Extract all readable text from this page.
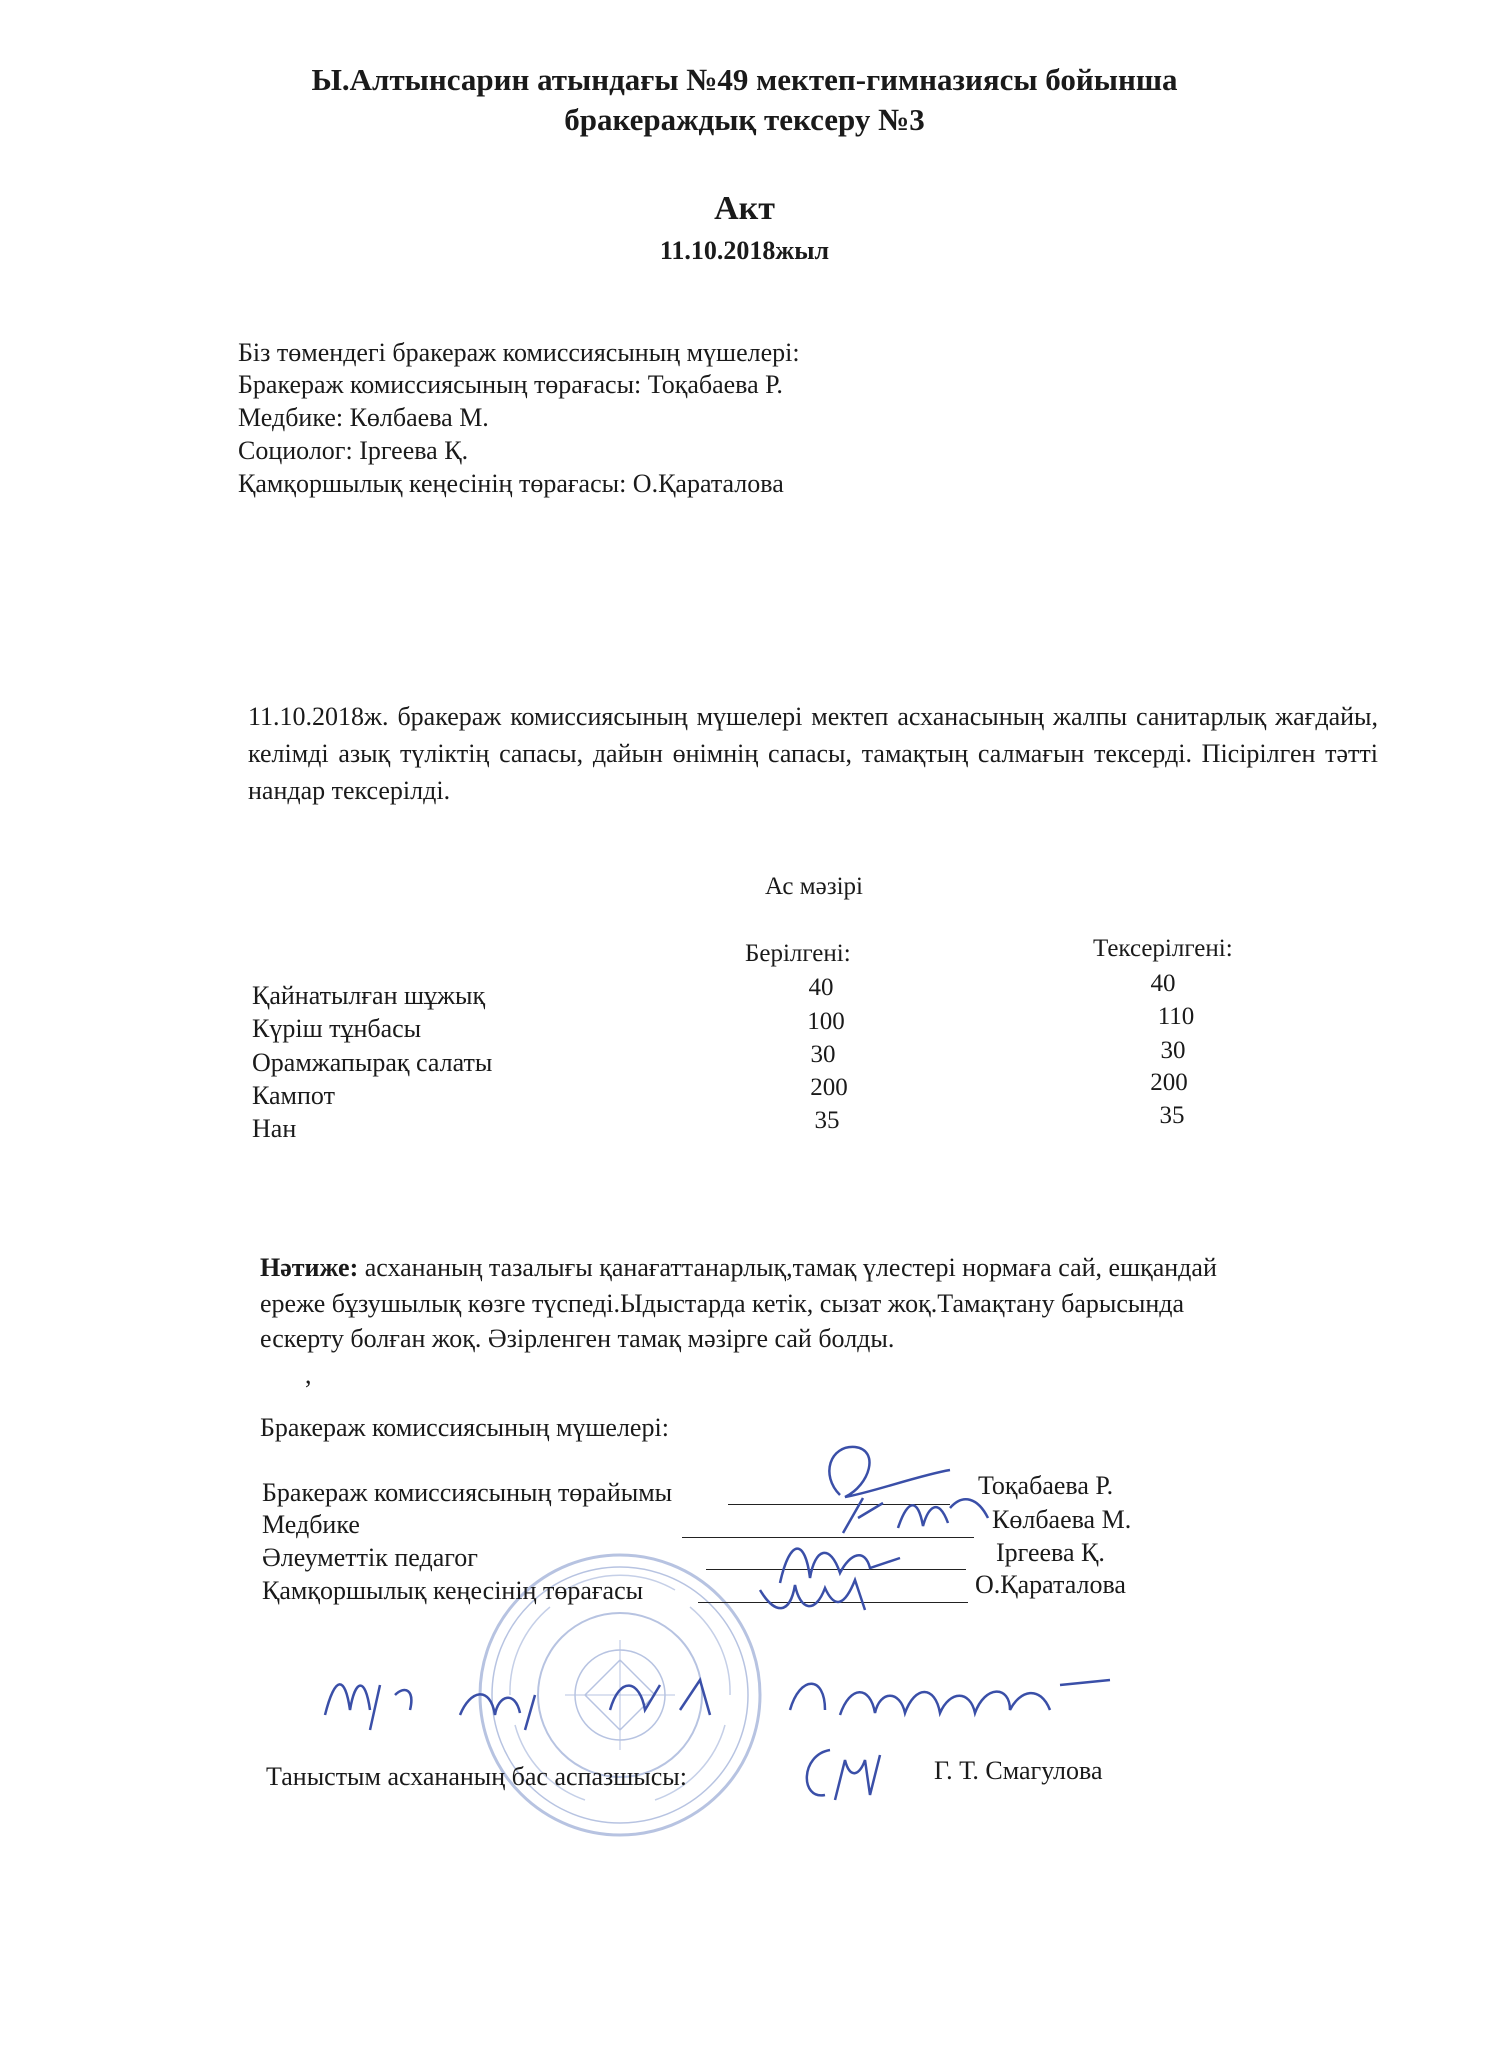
Ы.Алтынсарин атындағы №49 мектеп-гимназиясы бойынша
бракераждық тексеру №3
Акт
11.10.2018жыл
Біз төмендегі бракераж комиссиясының мүшелері:
Бракераж комиссиясының төрағасы: Тоқабаева Р.
Медбике: Көлбаева М.
Социолог: Іргеева Қ.
Қамқоршылық кеңесінің төрағасы: О.Қараталова
11.10.2018ж. бракераж комиссиясының мүшелері мектеп асханасының жалпы санитарлық жағдайы, келімді азық түліктің сапасы, дайын өнімнің сапасы, тамақтың салмағын тексерді. Пісірілген тәтті нандар тексерілді.
Ас мәзірі
Берілгені:	Тексерілгені:
Қайнатылған шұжық	40	40
Күріш тұнбасы	100	110
Орамжапырақ салаты	30	30
Кампот	200	200
Нан	35	35
Нәтиже: асхананың тазалығы қанағаттанарлық,тамақ үлестері нормаға сай, ешқандай
ереже бұзушылық көзге түспеді.Ыдыстарда кетік, сызат жоқ.Тамақтану барысында
ескерту болған жоқ. Әзірленген тамақ мәзірге сай болды.
,
Бракераж комиссиясының мүшелері:
Бракераж комиссиясының төрайымы	Тоқабаева Р.
Медбике	Көлбаева М.
Әлеуметтік педагог	Іргеева Қ.
Қамқоршылық кеңесінің төрағасы	О.Қараталова
Таныстым асхананың бас аспазшысы:	Г. Т. Смагулова
